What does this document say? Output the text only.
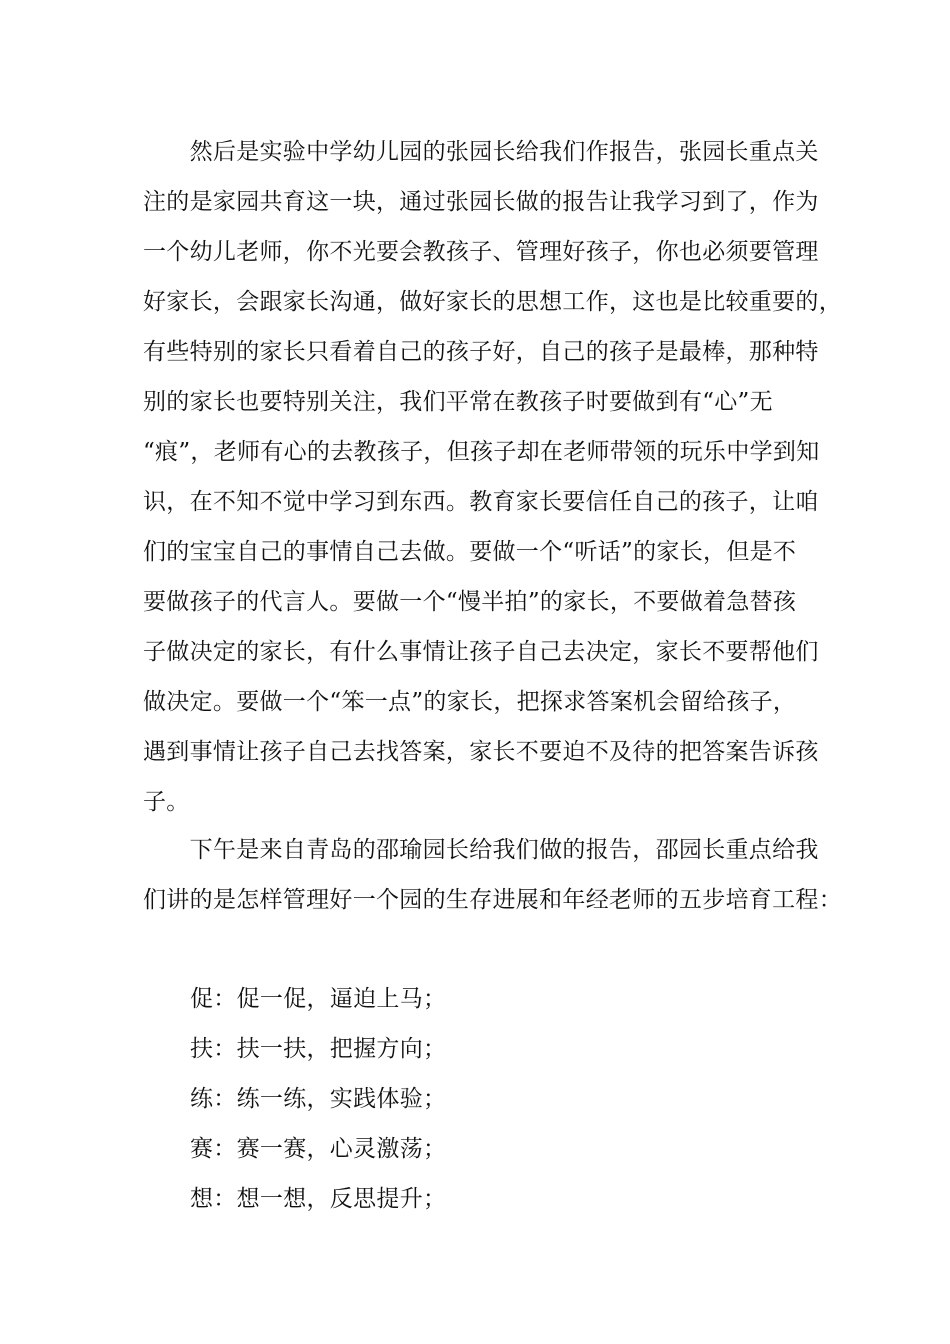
　　然后是实验中学幼儿园的张园长给我们作报告，张园长重点关
注的是家园共育这一块，通过张园长做的报告让我学习到了，作为
一个幼儿老师，你不光要会教孩子、管理好孩子，你也必须要管理
好家长，会跟家长沟通，做好家长的思想工作，这也是比较重要的，
有些特别的家长只看着自己的孩子好，自己的孩子是最棒，那种特
别的家长也要特别关注，我们平常在教孩子时要做到有“心”无
“痕”，老师有心的去教孩子，但孩子却在老师带领的玩乐中学到知
识，在不知不觉中学习到东西。教育家长要信任自己的孩子，让咱
们的宝宝自己的事情自己去做。要做一个“听话”的家长，但是不
要做孩子的代言人。要做一个“慢半拍”的家长，不要做着急替孩
子做决定的家长，有什么事情让孩子自己去决定，家长不要帮他们
做决定。要做一个“笨一点”的家长，把探求答案机会留给孩子，
遇到事情让孩子自己去找答案，家长不要迫不及待的把答案告诉孩
子。

　　下午是来自青岛的邵瑜园长给我们做的报告，邵园长重点给我
们讲的是怎样管理好一个园的生存进展和年经老师的五步培育工程：

促：促一促，逼迫上马；
扶：扶一扶，把握方向；
练：练一练，实践体验；
赛：赛一赛，心灵激荡；
想：想一想，反思提升；
